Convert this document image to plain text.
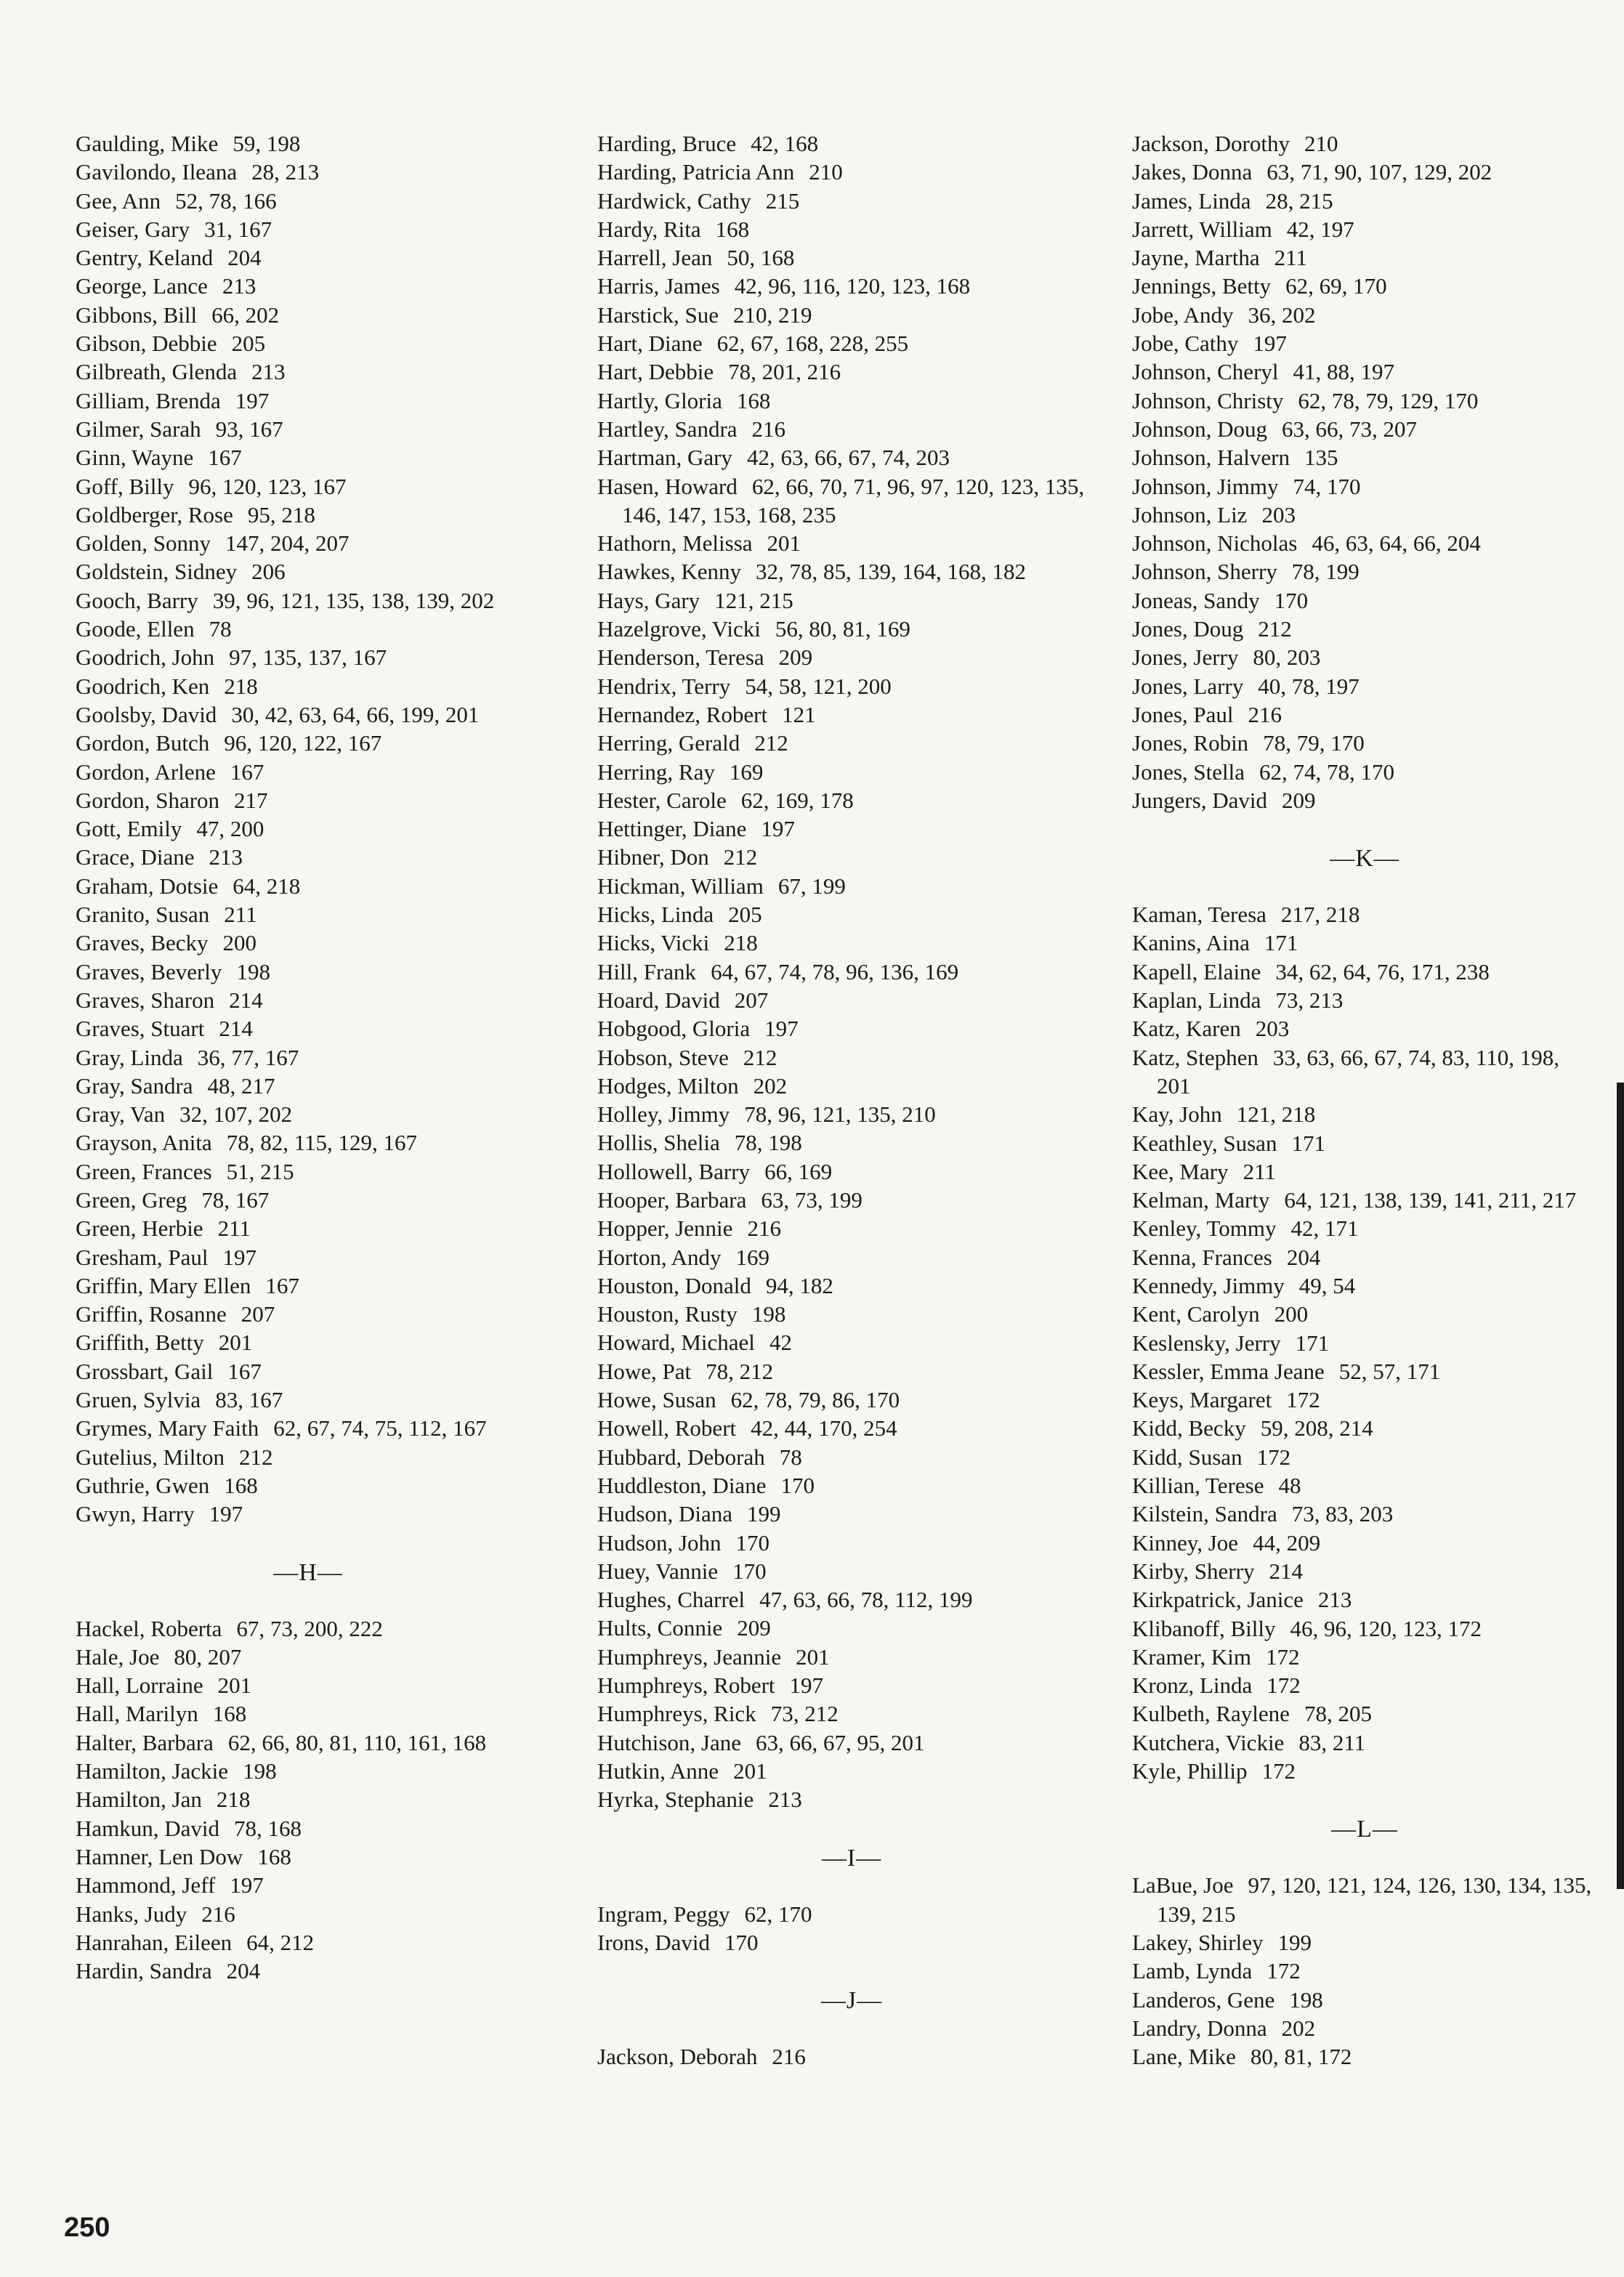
Gaulding, Mike 59, 198
Gavilondo, Ileana 28, 213
Gee, Ann 52, 78, 166
Geiser, Gary 31, 167
Gentry, Keland 204
George, Lance 213
Gibbons, Bill 66, 202
Gibson, Debbie 205
Gilbreath, Glenda 213
Gilliam, Brenda 197
Gilmer, Sarah 93, 167
Ginn, Wayne 167
Goff, Billy 96, 120, 123, 167
Goldberger, Rose 95, 218
Golden, Sonny 147, 204, 207
Goldstein, Sidney 206
Gooch, Barry 39, 96, 121, 135, 138, 139, 202
Goode, Ellen 78
Goodrich, John 97, 135, 137, 167
Goodrich, Ken 218
Goolsby, David 30, 42, 63, 64, 66, 199, 201
Gordon, Butch 96, 120, 122, 167
Gordon, Arlene 167
Gordon, Sharon 217
Gott, Emily 47, 200
Grace, Diane 213
Graham, Dotsie 64, 218
Granito, Susan 211
Graves, Becky 200
Graves, Beverly 198
Graves, Sharon 214
Graves, Stuart 214
Gray, Linda 36, 77, 167
Gray, Sandra 48, 217
Gray, Van 32, 107, 202
Grayson, Anita 78, 82, 115, 129, 167
Green, Frances 51, 215
Green, Greg 78, 167
Green, Herbie 211
Gresham, Paul 197
Griffin, Mary Ellen 167
Griffin, Rosanne 207
Griffith, Betty 201
Grossbart, Gail 167
Gruen, Sylvia 83, 167
Grymes, Mary Faith 62, 67, 74, 75, 112, 167
Gutelius, Milton 212
Guthrie, Gwen 168
Gwyn, Harry 197
—H—
Hackel, Roberta 67, 73, 200, 222
Hale, Joe 80, 207
Hall, Lorraine 201
Hall, Marilyn 168
Halter, Barbara 62, 66, 80, 81, 110, 161, 168
Hamilton, Jackie 198
Hamilton, Jan 218
Hamkun, David 78, 168
Hamner, Len Dow 168
Hammond, Jeff 197
Hanks, Judy 216
Hanrahan, Eileen 64, 212
Hardin, Sandra 204
Harding, Bruce 42, 168
Harding, Patricia Ann 210
Hardwick, Cathy 215
Hardy, Rita 168
Harrell, Jean 50, 168
Harris, James 42, 96, 116, 120, 123, 168
Harstick, Sue 210, 219
Hart, Diane 62, 67, 168, 228, 255
Hart, Debbie 78, 201, 216
Hartly, Gloria 168
Hartley, Sandra 216
Hartman, Gary 42, 63, 66, 67, 74, 203
Hasen, Howard 62, 66, 70, 71, 96, 97, 120, 123, 135, 146, 147, 153, 168, 235
Hathorn, Melissa 201
Hawkes, Kenny 32, 78, 85, 139, 164, 168, 182
Hays, Gary 121, 215
Hazelgrove, Vicki 56, 80, 81, 169
Henderson, Teresa 209
Hendrix, Terry 54, 58, 121, 200
Hernandez, Robert 121
Herring, Gerald 212
Herring, Ray 169
Hester, Carole 62, 169, 178
Hettinger, Diane 197
Hibner, Don 212
Hickman, William 67, 199
Hicks, Linda 205
Hicks, Vicki 218
Hill, Frank 64, 67, 74, 78, 96, 136, 169
Hoard, David 207
Hobgood, Gloria 197
Hobson, Steve 212
Hodges, Milton 202
Holley, Jimmy 78, 96, 121, 135, 210
Hollis, Shelia 78, 198
Hollowell, Barry 66, 169
Hooper, Barbara 63, 73, 199
Hopper, Jennie 216
Horton, Andy 169
Houston, Donald 94, 182
Houston, Rusty 198
Howard, Michael 42
Howe, Pat 78, 212
Howe, Susan 62, 78, 79, 86, 170
Howell, Robert 42, 44, 170, 254
Hubbard, Deborah 78
Huddleston, Diane 170
Hudson, Diana 199
Hudson, John 170
Huey, Vannie 170
Hughes, Charrel 47, 63, 66, 78, 112, 199
Hults, Connie 209
Humphreys, Jeannie 201
Humphreys, Robert 197
Humphreys, Rick 73, 212
Hutchison, Jane 63, 66, 67, 95, 201
Hutkin, Anne 201
Hyrka, Stephanie 213
—I—
Ingram, Peggy 62, 170
Irons, David 170
—J—
Jackson, Deborah 216
Jackson, Dorothy 210
Jakes, Donna 63, 71, 90, 107, 129, 202
James, Linda 28, 215
Jarrett, William 42, 197
Jayne, Martha 211
Jennings, Betty 62, 69, 170
Jobe, Andy 36, 202
Jobe, Cathy 197
Johnson, Cheryl 41, 88, 197
Johnson, Christy 62, 78, 79, 129, 170
Johnson, Doug 63, 66, 73, 207
Johnson, Halvern 135
Johnson, Jimmy 74, 170
Johnson, Liz 203
Johnson, Nicholas 46, 63, 64, 66, 204
Johnson, Sherry 78, 199
Joneas, Sandy 170
Jones, Doug 212
Jones, Jerry 80, 203
Jones, Larry 40, 78, 197
Jones, Paul 216
Jones, Robin 78, 79, 170
Jones, Stella 62, 74, 78, 170
Jungers, David 209
—K—
Kaman, Teresa 217, 218
Kanins, Aina 171
Kapell, Elaine 34, 62, 64, 76, 171, 238
Kaplan, Linda 73, 213
Katz, Karen 203
Katz, Stephen 33, 63, 66, 67, 74, 83, 110, 198, 201
Kay, John 121, 218
Keathley, Susan 171
Kee, Mary 211
Kelman, Marty 64, 121, 138, 139, 141, 211, 217
Kenley, Tommy 42, 171
Kenna, Frances 204
Kennedy, Jimmy 49, 54
Kent, Carolyn 200
Keslensky, Jerry 171
Kessler, Emma Jeane 52, 57, 171
Keys, Margaret 172
Kidd, Becky 59, 208, 214
Kidd, Susan 172
Killian, Terese 48
Kilstein, Sandra 73, 83, 203
Kinney, Joe 44, 209
Kirby, Sherry 214
Kirkpatrick, Janice 213
Klibanoff, Billy 46, 96, 120, 123, 172
Kramer, Kim 172
Kronz, Linda 172
Kulbeth, Raylene 78, 205
Kutchera, Vickie 83, 211
Kyle, Phillip 172
—L—
LaBue, Joe 97, 120, 121, 124, 126, 130, 134, 135, 139, 215
Lakey, Shirley 199
Lamb, Lynda 172
Landeros, Gene 198
Landry, Donna 202
Lane, Mike 80, 81, 172
250
